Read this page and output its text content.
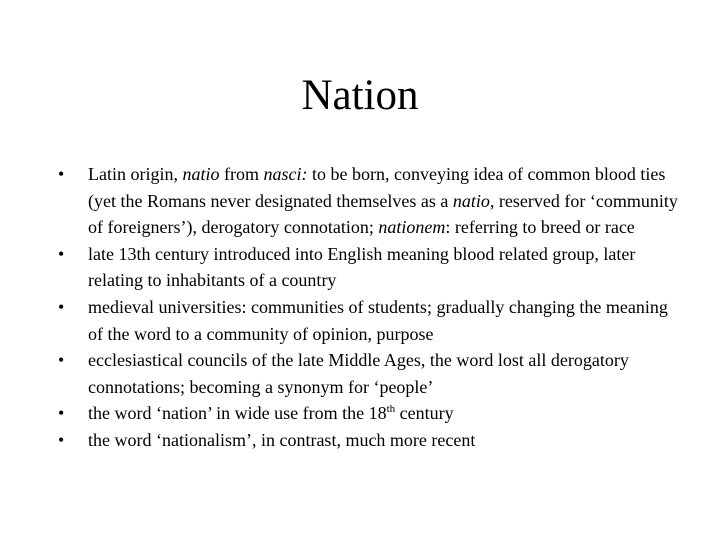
Nation
•	Latin origin, natio from nasci: to be born, conveying idea of common blood ties (yet the Romans never designated themselves as a natio, reserved for ‘community of foreigners’), derogatory connotation; nationem: referring to breed or race
•	late 13th century introduced into English meaning blood related group, later relating to inhabitants of a country
•	medieval universities: communities of students; gradually changing the meaning of the word to a community of opinion, purpose
•	ecclesiastical councils of the late Middle Ages, the word lost all derogatory connotations; becoming a synonym for ‘people’
•	the word ‘nation’ in wide use from the 18th century
•	the word ‘nationalism’, in contrast, much more recent
